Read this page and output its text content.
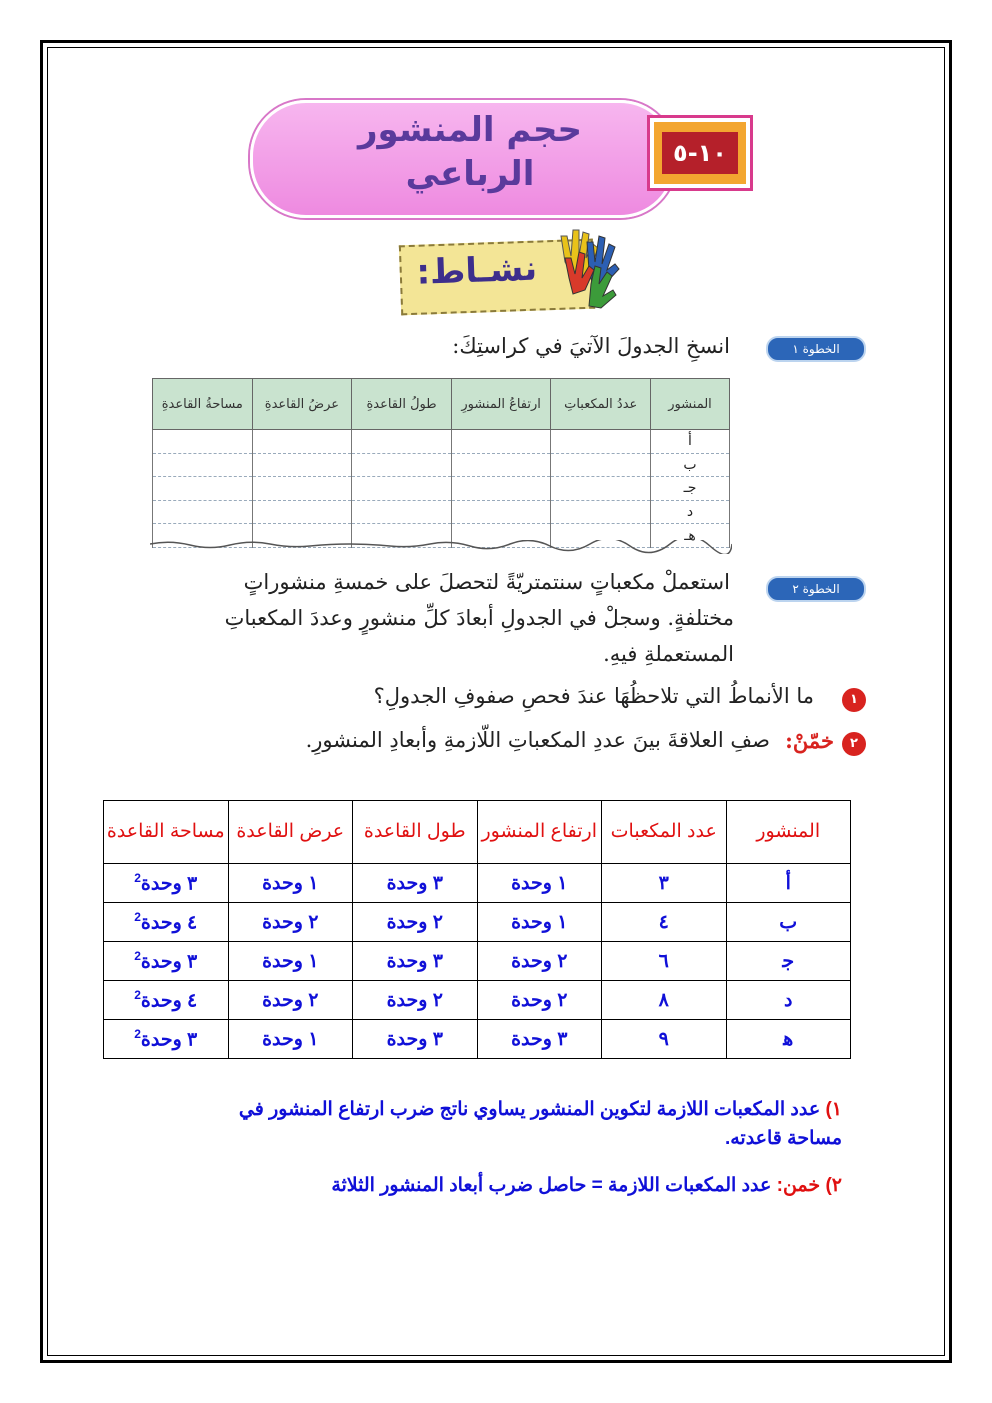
حجم المنشور
الرباعي
١٠-٥
نشـاط:
الخطوة ١
انسخِ الجدولَ الآتيَ في كراستِكَ:
المنشور	عددُ المكعباتِ	ارتفاعُ المنشورِ	طولُ القاعدةِ	عرضُ القاعدةِ	مساحةُ القاعدةِ
أ					
ب					
جـ					
د					
هـ					
الخطوة ٢
استعملْ مكعباتٍ سنتمتريّةً لتحصلَ على خمسةِ منشوراتٍ
مختلفةٍ. وسجلْ في الجدولِ أبعادَ كلِّ منشورٍ وعددَ المكعباتِ
المستعملةِ فيهِ.
١
ما الأنماطُ التي تلاحظُهَا عندَ فحصِ صفوفِ الجدولِ؟
٢
خمّنْ:
صفِ العلاقةَ بينَ عددِ المكعباتِ اللّازمةِ وأبعادِ المنشورِ.
المنشور	عدد المكعبات	ارتفاع المنشور	طول القاعدة	عرض القاعدة	مساحة القاعدة
أ	٣	١ وحدة	٣ وحدة	١ وحدة	٣ وحدة$^2$
ب	٤	١ وحدة	٢ وحدة	٢ وحدة	٤ وحدة$^2$
ﺟ	٦	٢ وحدة	٣ وحدة	١ وحدة	٣ وحدة$^2$
د	٨	٢ وحدة	٢ وحدة	٢ وحدة	٤ وحدة$^2$
ﻫ	٩	٣ وحدة	٣ وحدة	١ وحدة	٣ وحدة$^2$
١) عدد المكعبات اللازمة لتكوين المنشور يساوي ناتج ضرب ارتفاع المنشور في
مساحة قاعدته.
٢) خمن: عدد المكعبات اللازمة = حاصل ضرب أبعاد المنشور الثلاثة
